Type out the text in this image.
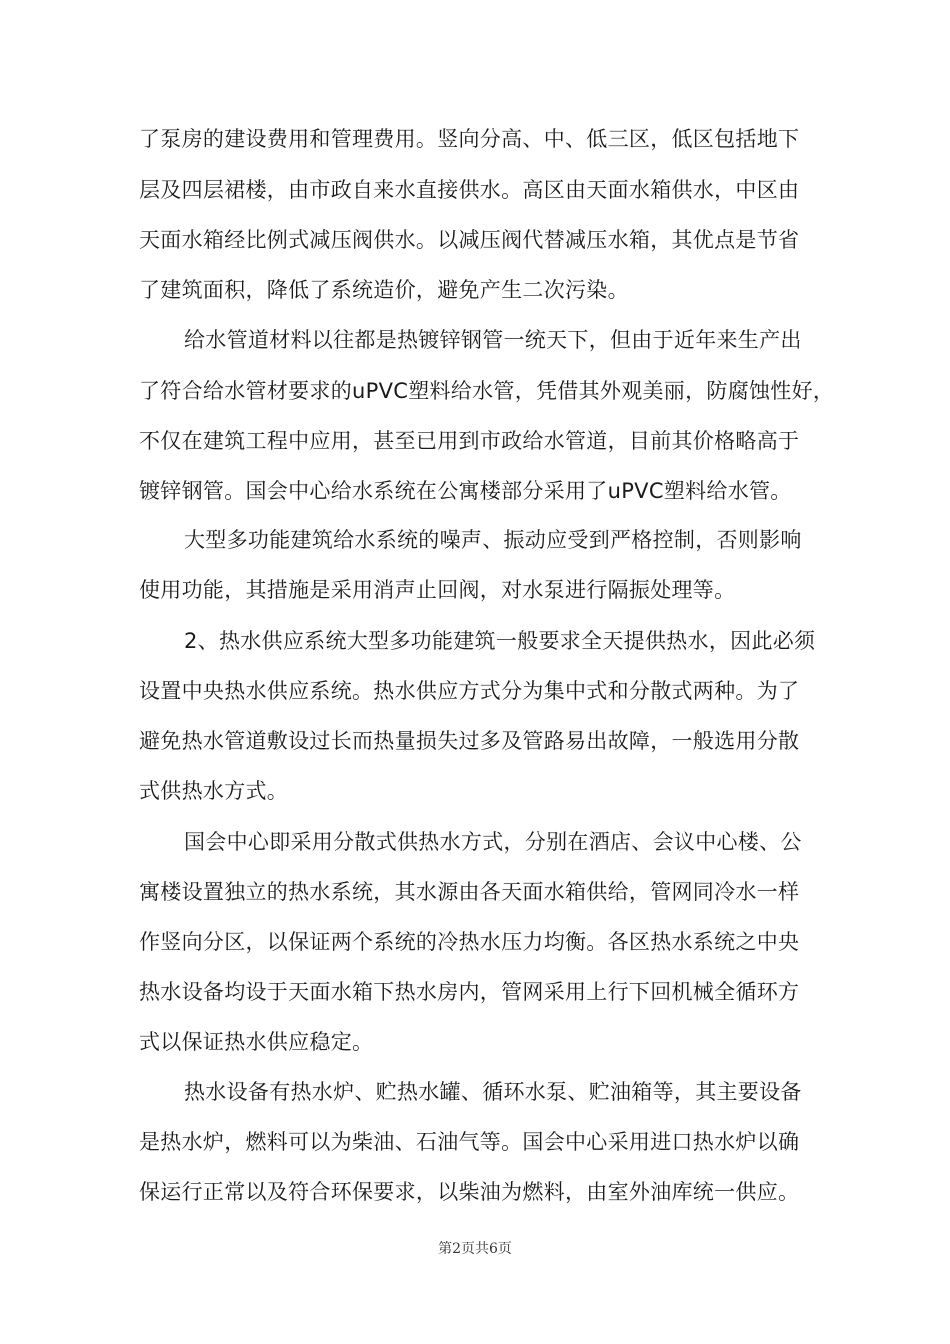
了泵房的建设费用和管理费用。竖向分高、中、低三区，低区包括地下
层及四层裙楼，由市政自来水直接供水。高区由天面水箱供水，中区由
天面水箱经比例式减压阀供水。以减压阀代替减压水箱，其优点是节省
了建筑面积，降低了系统造价，避免产生二次污染。
给水管道材料以往都是热镀锌钢管一统天下，但由于近年来生产出
了符合给水管材要求的uPVC塑料给水管，凭借其外观美丽，防腐蚀性好，
不仅在建筑工程中应用，甚至已用到市政给水管道，目前其价格略高于
镀锌钢管。国会中心给水系统在公寓楼部分采用了uPVC塑料给水管。
大型多功能建筑给水系统的噪声、振动应受到严格控制，否则影响
使用功能，其措施是采用消声止回阀，对水泵进行隔振处理等。
2、热水供应系统大型多功能建筑一般要求全天提供热水，因此必须
设置中央热水供应系统。热水供应方式分为集中式和分散式两种。为了
避免热水管道敷设过长而热量损失过多及管路易出故障，一般选用分散
式供热水方式。
国会中心即采用分散式供热水方式，分别在酒店、会议中心楼、公
寓楼设置独立的热水系统，其水源由各天面水箱供给，管网同冷水一样
作竖向分区，以保证两个系统的冷热水压力均衡。各区热水系统之中央
热水设备均设于天面水箱下热水房内，管网采用上行下回机械全循环方
式以保证热水供应稳定。
热水设备有热水炉、贮热水罐、循环水泵、贮油箱等，其主要设备
是热水炉，燃料可以为柴油、石油气等。国会中心采用进口热水炉以确
保运行正常以及符合环保要求，以柴油为燃料，由室外油库统一供应。
第2页共6页
